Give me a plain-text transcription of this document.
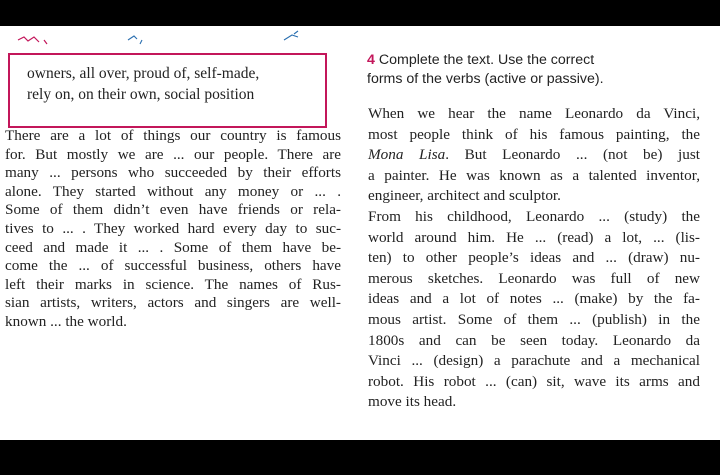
owners, all over, proud of, self-made,
rely on, on their own, social position
There are a lot of things our country is famous
for. But mostly we are ... our people. There are
many ... persons who succeeded by their efforts
alone. They started without any money or ... .
Some of them didn’t even have friends or rela-
tives to ... . They worked hard every day to suc-
ceed and made it ... . Some of them have be-
come the ... of successful business, others have
left their marks in science. The names of Rus-
sian artists, writers, actors and singers are well-
known ... the world.
4 Complete the text. Use the correct
forms of the verbs (active or passive).
When we hear the name Leonardo da Vinci,
most people think of his famous painting, the
Mona Lisa. But Leonardo ... (not be) just
a painter. He was known as a talented inventor,
engineer, architect and sculptor.
From his childhood, Leonardo ... (study) the
world around him. He ... (read) a lot, ... (lis-
ten) to other people’s ideas and ... (draw) nu-
merous sketches. Leonardo was full of new
ideas and a lot of notes ... (make) by the fa-
mous artist. Some of them ... (publish) in the
1800s and can be seen today. Leonardo da
Vinci ... (design) a parachute and a mechanical
robot. His robot ... (can) sit, wave its arms and
move its head.
